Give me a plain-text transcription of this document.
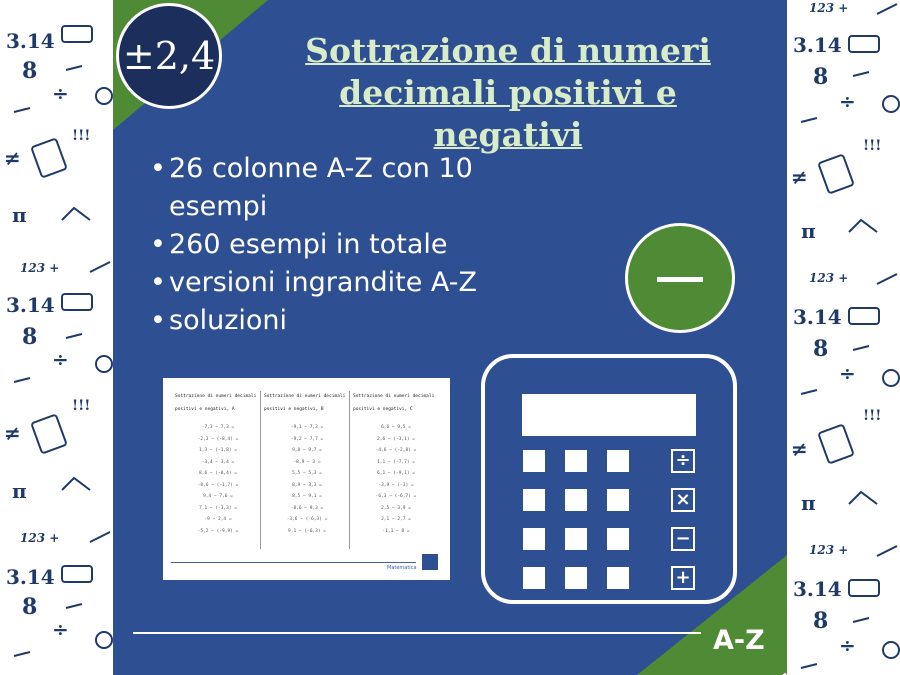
3.14
8
÷
!!!
≠
π
123 +
3.14
8
÷
!!!
≠
π
123 +
3.14
8
÷
123 +
3.14
8
÷
!!!
≠
π
123 +
3.14
8
÷
!!!
≠
π
123 +
3.14
8
÷
±2,4	Sottrazione di numeri
decimali positivi e negativi
• 26 colonne A-Z con 10 esempi
• 260 esempi in totale
• versioni ingrandite A-Z
• soluzioni
÷
×
−
+
Sottrazione di numeri decimali
positivi e negativi, A
-7,3 − 7,3 =
-2,3 − (-8,4) =
1,3 − (-1,8) =
-3,4 − 3,4 =
8,6 − (-8,4) =
-8,6 − (-1,7) =
9,4 − 7,6 =
7,1 − (-3,3) =
-9 − 2,4 =
-5,2 − (-9,9) =
Sottrazione di numeri decimali
positivi e negativi, B
-9,1 − 7,3 =
-9,2 − 7,7 =
9,8 − 9,7 =
-8,9 − 3 =
5,5 − 5,3 =
8,9 − 3,3 =
8,5 − 9,1 =
-8,6 − 9,3 =
-3,6 − (-6,3) =
9,1 − (-6,3) =
Sottrazione di numeri decimali
positivi e negativi, C
6,6 − 9,5 =
2,6 − (-3,1) =
-4,6 − (-2,8) =
1,1 − (-7,7) =
6,1 − (-9,1) =
-3,9 − (-3) =
-6,3 − (-6,7) =
2,5 − 3,9 =
2,1 − 2,7 =
-1,1 − 8 =
Matematica
A-Z
